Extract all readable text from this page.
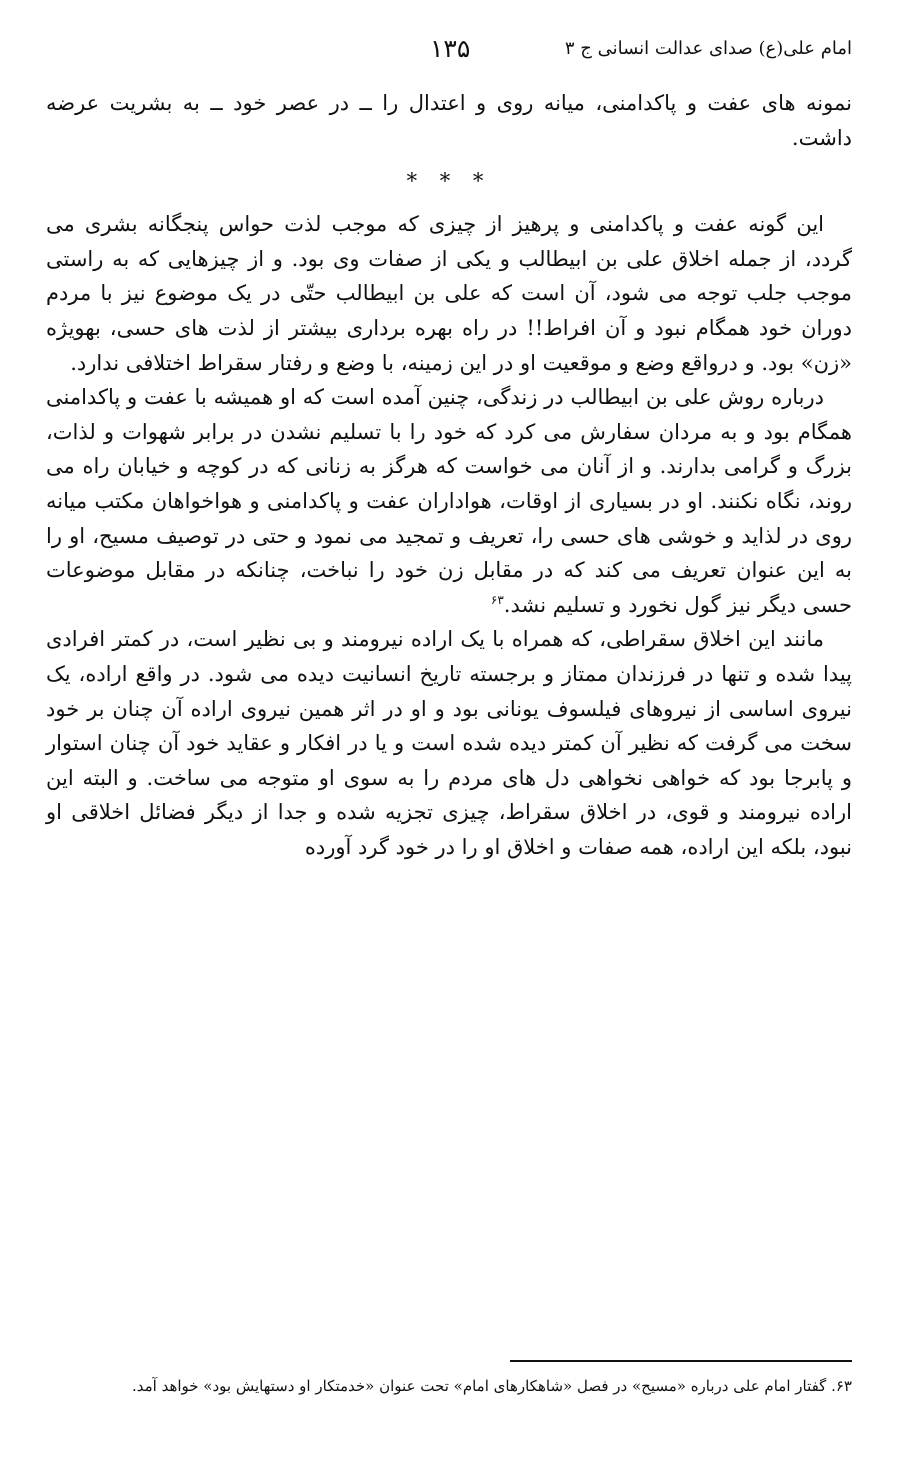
امام علی(ع) صدای عدالت انسانی ج ۳
۱۳۵

نمونه های عفت و پاکدامنی، میانه روی و اعتدال را ــ در عصر خود ــ به بشریت عرضه داشت.

* * *

این گونه عفت و پاکدامنی و پرهیز از چیزی که موجب لذت حواس پنجگانه بشری می گردد، از جمله اخلاق علی بن ابیطالب و یکی از صفات وی بود. و از چیزهایی که به راستی موجب جلب توجه می شود، آن است که علی بن ابیطالب حتّی در یک موضوع نیز با مردم دوران خود همگام نبود و آن افراط!! در راه بهره برداری بیشتر از لذت های حسی، بهویژه «زن» بود. و درواقع وضع و موقعیت او در این زمینه، با وضع و رفتار سقراط اختلافی ندارد.

درباره روش علی بن ابیطالب در زندگی، چنین آمده است که او همیشه با عفت و پاکدامنی همگام بود و به مردان سفارش می کرد که خود را با تسلیم نشدن در برابر شهوات و لذات، بزرگ و گرامی بدارند. و از آنان می خواست که هرگز به زنانی که در کوچه و خیابان راه می روند، نگاه نکنند. او در بسیاری از اوقات، هواداران عفت و پاکدامنی و هواخواهان مکتب میانه روی در لذاید و خوشی های حسی را، تعریف و تمجید می نمود و حتی در توصیف مسیح، او را به این عنوان تعریف می کند که در مقابل زن خود را نباخت، چنانکه در مقابل موضوعات حسی دیگر نیز گول نخورد و تسلیم نشد.$^{۶۳}$

مانند این اخلاق سقراطی، که همراه با یک اراده نیرومند و بی نظیر است، در کمتر افرادی پیدا شده و تنها در فرزندان ممتاز و برجسته تاریخ انسانیت دیده می شود. در واقع اراده، یک نیروی اساسی از نیروهای فیلسوف یونانی بود و او در اثر همین نیروی اراده آن چنان بر خود سخت می گرفت که نظیر آن کمتر دیده شده است و یا در افکار و عقاید خود آن چنان استوار و پابرجا بود که خواهی نخواهی دل های مردم را به سوی او متوجه می ساخت. و البته این اراده نیرومند و قوی، در اخلاق سقراط، چیزی تجزیه شده و جدا از دیگر فضائل اخلاقی او نبود، بلکه این اراده، همه صفات و اخلاق او را در خود گرد آورده

۶۳. گفتار امام علی درباره «مسیح» در فصل «شاهکارهای امام» تحت عنوان «خدمتکار او دستهایش بود» خواهد آمد.
